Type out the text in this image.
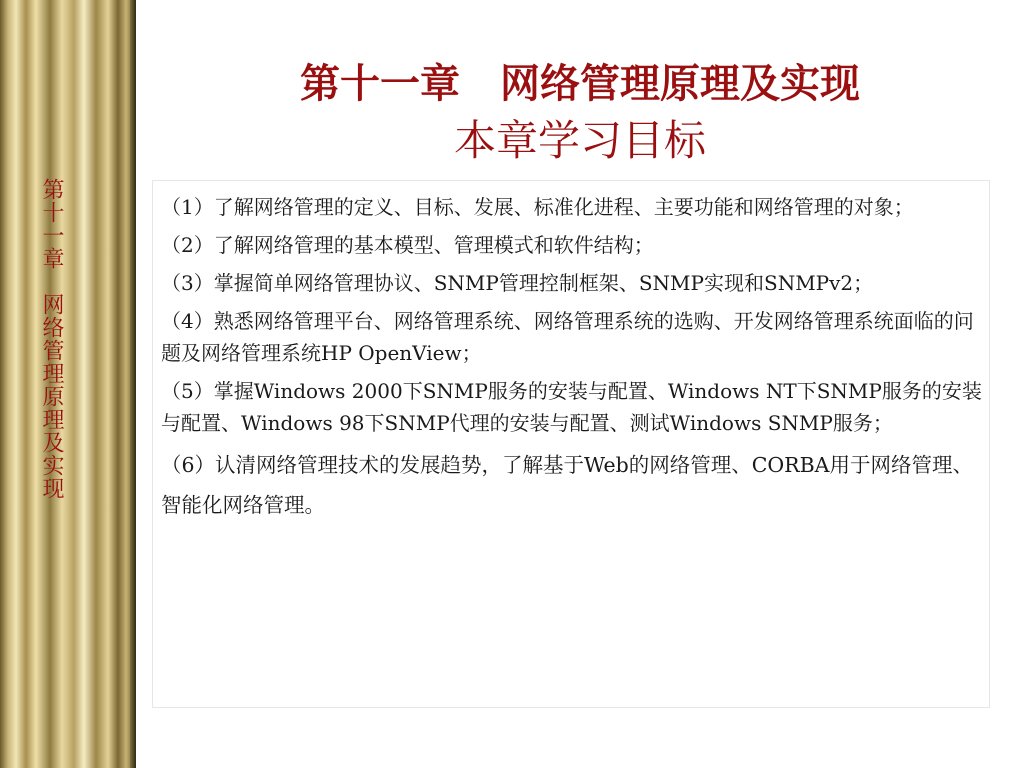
第十一章　网络管理原理及实现
第十一章　网络管理原理及实现
本章学习目标

（1）了解网络管理的定义、目标、发展、标准化进程、主要功能和网络管理的对象；

（2）了解网络管理的基本模型、管理模式和软件结构；

（3）掌握简单网络管理协议、SNMP管理控制框架、SNMP实现和SNMPv2；

（4）熟悉网络管理平台、网络管理系统、网络管理系统的选购、开发网络管理系统面临的问题及网络管理系统HP OpenView；

（5）掌握Windows 2000下SNMP服务的安装与配置、Windows NT下SNMP服务的安装与配置、Windows 98下SNMP代理的安装与配置、测试Windows SNMP服务；

（6）认清网络管理技术的发展趋势，了解基于Web的网络管理、CORBA用于网络管理、智能化网络管理。
